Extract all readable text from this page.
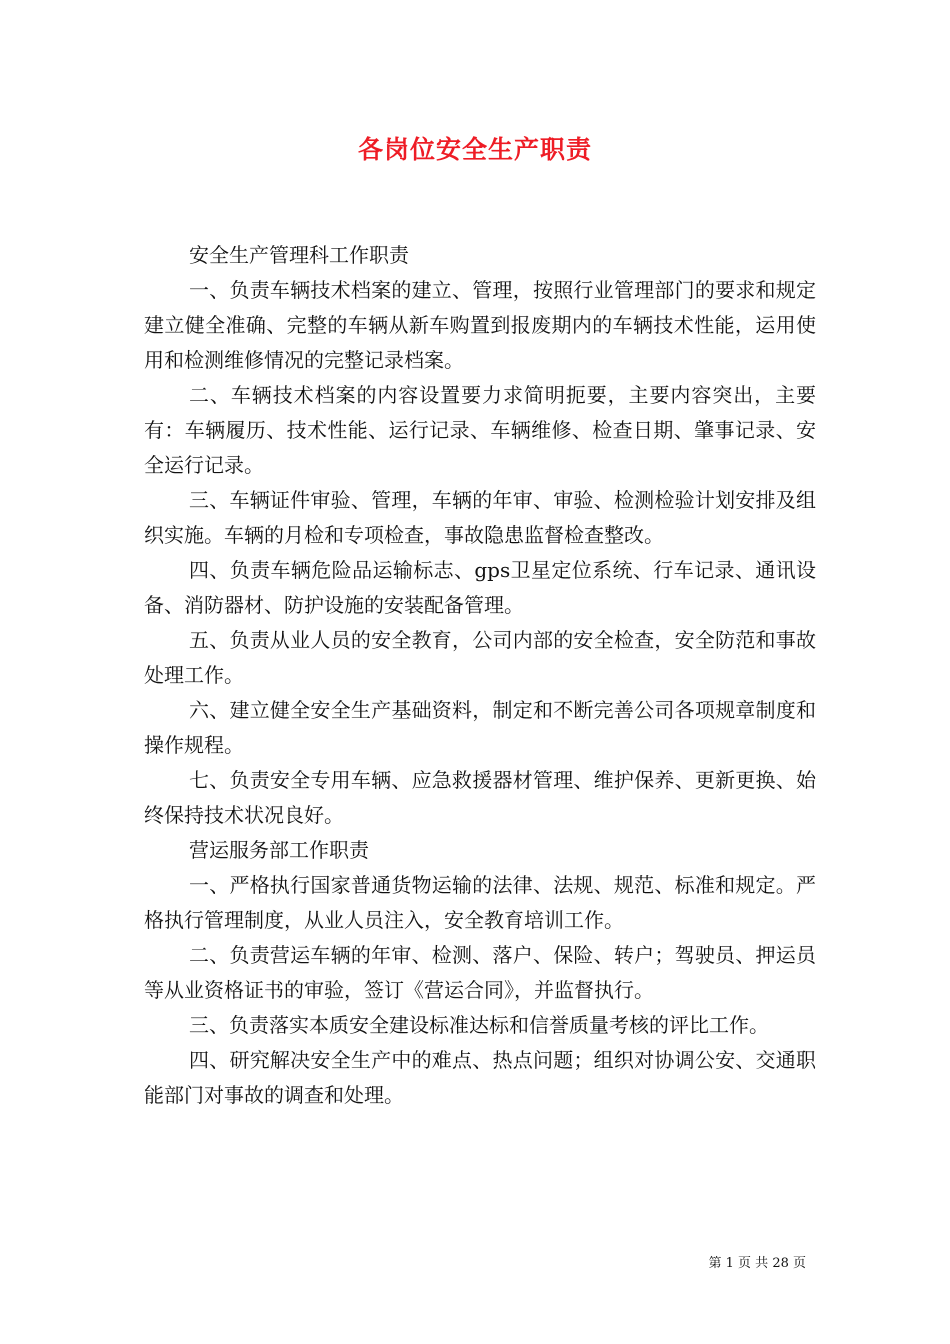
各岗位安全生产职责

安全生产管理科工作职责

一、负责车辆技术档案的建立、管理，按照行业管理部门的要求和规定建立健全准确、完整的车辆从新车购置到报废期内的车辆技术性能，运用使用和检测维修情况的完整记录档案。

二、车辆技术档案的内容设置要力求简明扼要，主要内容突出，主要有：车辆履历、技术性能、运行记录、车辆维修、检查日期、肇事记录、安全运行记录。

三、车辆证件审验、管理，车辆的年审、审验、检测检验计划安排及组织实施。车辆的月检和专项检查，事故隐患监督检查整改。

四、负责车辆危险品运输标志、gps卫星定位系统、行车记录、通讯设备、消防器材、防护设施的安装配备管理。

五、负责从业人员的安全教育，公司内部的安全检查，安全防范和事故处理工作。

六、建立健全安全生产基础资料，制定和不断完善公司各项规章制度和操作规程。

七、负责安全专用车辆、应急救援器材管理、维护保养、更新更换、始终保持技术状况良好。

营运服务部工作职责

一、严格执行国家普通货物运输的法律、法规、规范、标准和规定。严格执行管理制度，从业人员注入，安全教育培训工作。

二、负责营运车辆的年审、检测、落户、保险、转户；驾驶员、押运员等从业资格证书的审验，签订《营运合同》，并监督执行。

三、负责落实本质安全建设标准达标和信誉质量考核的评比工作。

四、研究解决安全生产中的难点、热点问题；组织对协调公安、交通职能部门对事故的调查和处理。

第 1 页 共 28 页
